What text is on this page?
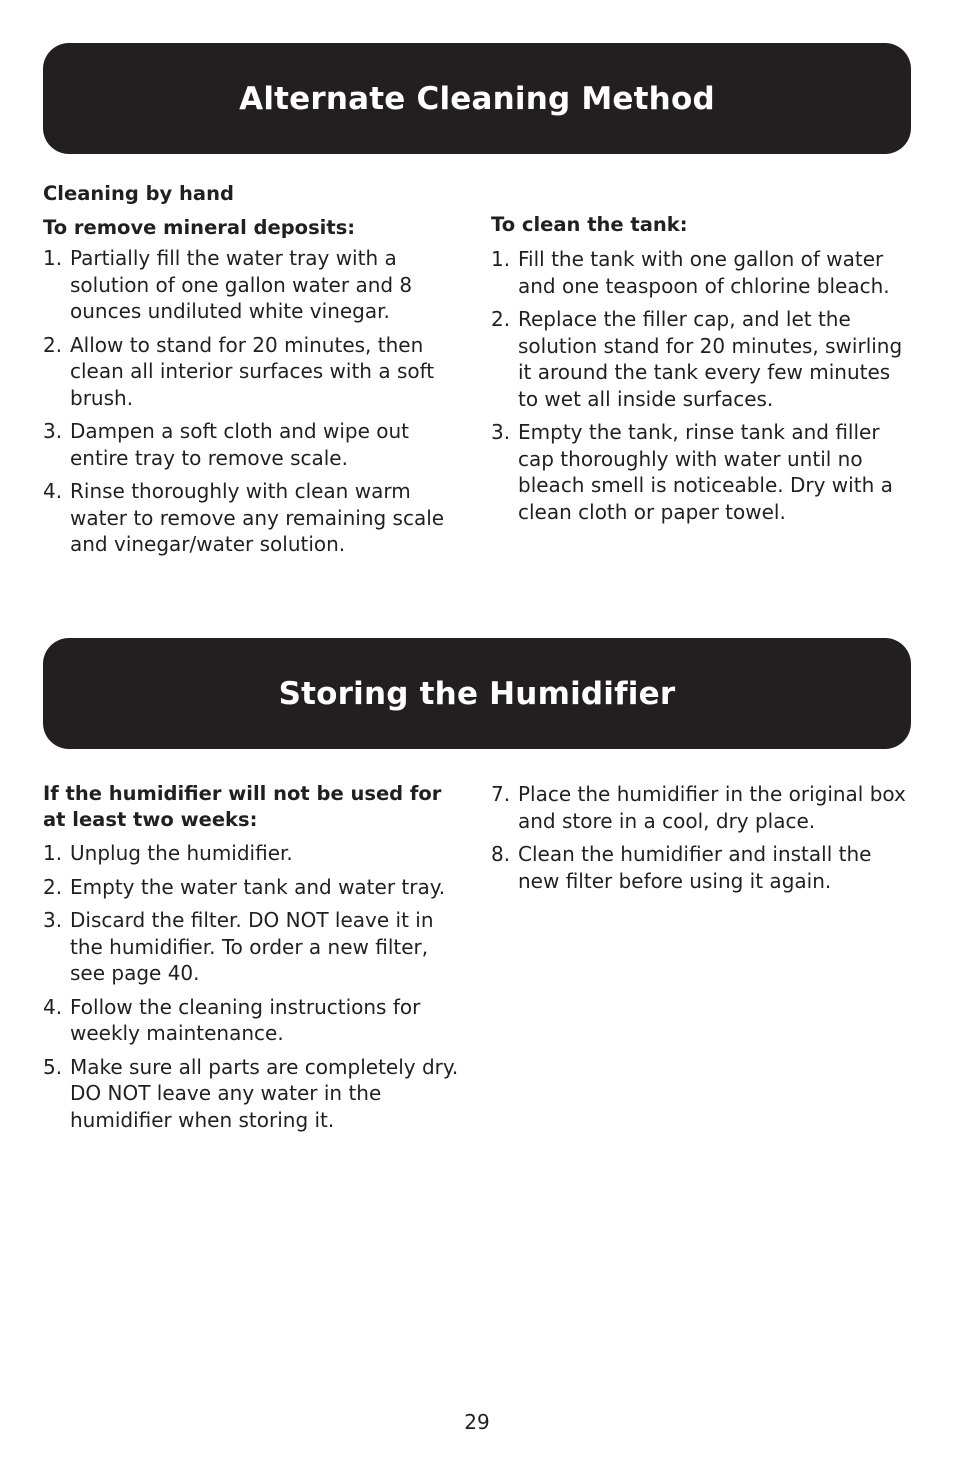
Alternate Cleaning Method

Cleaning by hand

To remove mineral deposits:

1. Partially fill the water tray with a solution of one gallon water and 8 ounces undiluted white vinegar.
2. Allow to stand for 20 minutes, then clean all interior surfaces with a soft brush.
3. Dampen a soft cloth and wipe out entire tray to remove scale.
4. Rinse thoroughly with clean warm water to remove any remaining scale and vinegar/water solution.

To clean the tank:

1. Fill the tank with one gallon of water and one teaspoon of chlorine bleach.
2. Replace the filler cap, and let the solution stand for 20 minutes, swirling it around the tank every few minutes to wet all inside surfaces.
3. Empty the tank, rinse tank and filler cap thoroughly with water until no bleach smell is noticeable. Dry with a clean cloth or paper towel.
Storing the Humidifier

If the humidifier will not be used for at least two weeks:

1. Unplug the humidifier.
2. Empty the water tank and water tray.
3. Discard the filter. DO NOT leave it in the humidifier. To order a new filter, see page 40.
4. Follow the cleaning instructions for weekly maintenance.
5. Make sure all parts are completely dry. DO NOT leave any water in the humidifier when storing it.
7. Place the humidifier in the original box and store in a cool, dry place.
8. Clean the humidifier and install the new filter before using it again.
29
